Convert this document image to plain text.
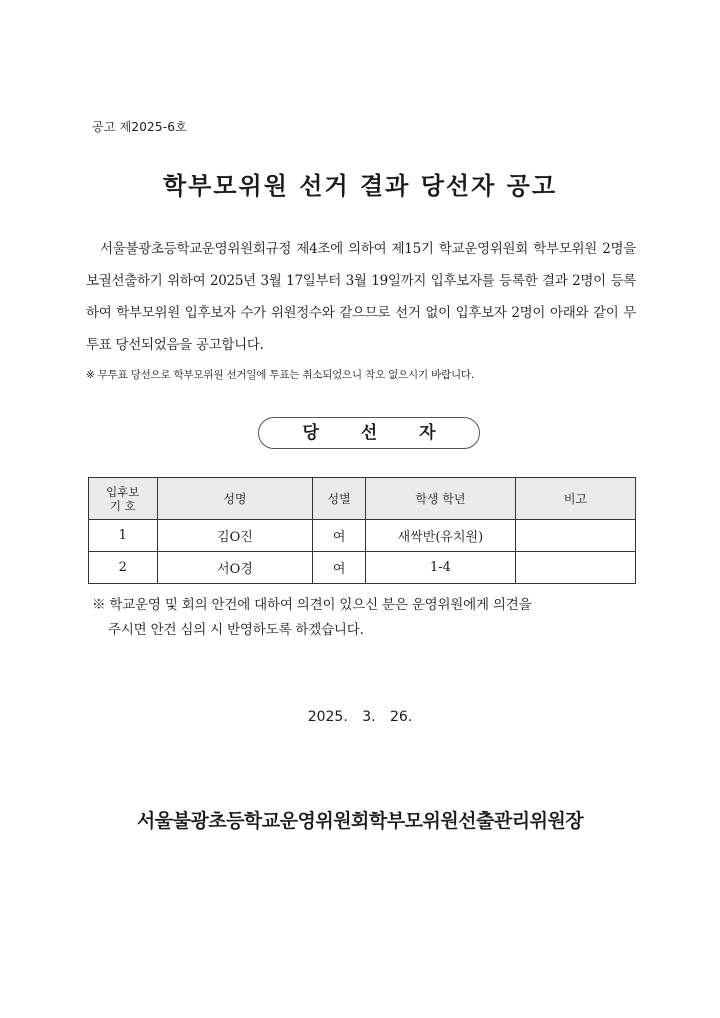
공고 제2025-6호
학부모위원 선거 결과 당선자 공고
서울불광초등학교운영위원회규정 제4조에 의하여 제15기 학교운영위원회 학부모위원 2명을 보궐선출하기 위하여 2025년 3월 17일부터 3월 19일까지 입후보자를 등록한 결과 2명이 등록하여 학부모위원 입후보자 수가 위원정수와 같으므로 선거 없이 입후보자 2명이 아래와 같이 무투표 당선되었음을 공고합니다.
※ 무투표 당선으로 학부모위원 선거일에 투표는 취소되었으니 착오 없으시기 바랍니다.
당 선 자
입후보
기 호	성명	성별	학생 학년	비고
1	김O진	여	새싹반(유치원)	
2	서O경	여	1-4	
※ 학교운영 및 회의 안건에 대하여 의견이 있으신 분은 운영위원에게 의견을
주시면 안건 심의 시 반영하도록 하겠습니다.
2025. 3. 26.
서울불광초등학교운영위원회학부모위원선출관리위원장
